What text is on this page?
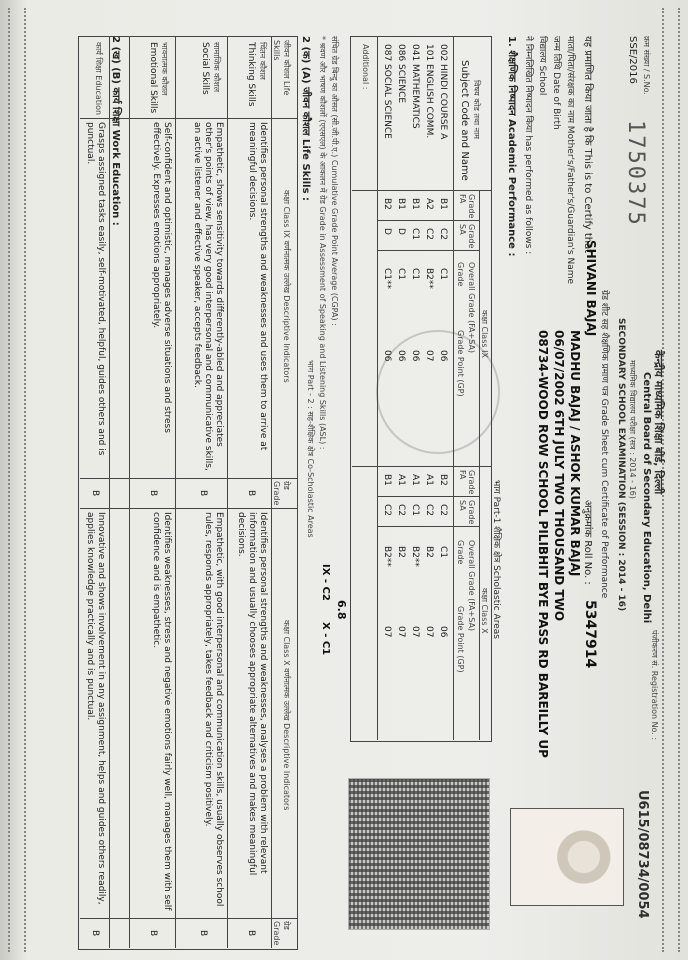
क्रम संख्या / S.No.
SSE/2016
1750375
केन्द्रीय माध्यमिक शिक्षा बोर्ड, दिल्ली
Central Board of Secondary Education, Delhi
माध्यमिक विद्यालय परीक्षा (सत्र : 2014 - 16)
SECONDARY SCHOOL EXAMINATION (SESSION : 2014 - 16)
ग्रेड शीट सह शैक्षणिक प्रमाण पत्र Grade Sheet cum Certificate of Performance
पंजीकरण सं. Registration No. :
U615/08734/0054
यह प्रमाणित किया जाता है कि This is to Certify that
SHIVANI BAJAJ
अनुक्रमांक Roll No. :
5347914
माता/पिता/संरक्षक का नाम Mother's/Father's/Guardian's Name
MADHU BAJAJ / ASHOK KUMAR BAJAJ
जन्म तिथि Date of Birth
06/07/2002 6TH JULY TWO THOUSAND TWO
विद्यालय School
08734-WOOD ROW SCHOOL PILIBHIT BYE PASS RD BAREILLY UP
ने निम्नलिखित निष्पादन किया has performed as follows :
1. शैक्षणिक निष्पादन Academic Performance :
भाग Part-1 शैक्षिक क्षेत्र Scholastic Areas
विषय कोड तथा नाम
Subject Code and Name
कक्षा Class IX
कक्षा Class X
Grade FA
Grade SA
Overall Grade (FA+SA)
Grade
Grade Point (GP)
Grade FA
Grade SA
Overall Grade (FA+SA)
Grade
Grade Point (GP)
002 HINDI COURSE A
101 ENGLISH COMM.
041 MATHEMATICS
086 SCIENCE
087 SOCIAL SCIENCE
B1
C2
C1
06
A2
C2
B2**
07
B1
C1
C1
06
B1
D
C1
06
B2
D
C1**
06
B2
C2
C1
06
A1
C2
B2
07
A1
C1
B2**
07
A1
C2
B2
07
B1
C2
B2**
07
Additional :
संचित ग्रेड बिन्दु का औसत (सी.जी.पी.ए.) Cumulative Grade Point Average (CGPA) :
6.8
* श्रवण और भाषण कौशलों (एएसएल) के आकलन में ग्रेड Grade in Assessment of Speaking and Listening Skills (ASL) :
IX - C2
X - C1
भाग Part - 2 : सह-शैक्षिक क्षेत्र Co-Scholastic Areas
2 (क) (A) जीवन कौशल Life Skills :
जीवन कौशल Life Skills
कक्षा Class IX वर्णनात्मक उल्लेख Descriptive Indicators
ग्रेड Grade
कक्षा Class X वर्णनात्मक उल्लेख Descriptive Indicators
ग्रेड Grade
चिंतन कौशल
Thinking Skills
Identifies personal strengths and weaknesses and uses them to arrive at meaningful decisions.
B
Identifies personal strengths and weaknesses, analyses a problem with relevant information and usually chooses appropriate alternatives and makes meaningful decisions.
B
सामाजिक कौशल
Social Skills
Empathetic, shows sensitivity towards differently-abled and appreciates other's points of view, has very good interpersonal and communicative skills, an active listener and effective speaker, accepts feedback.
B
Empathetic, with good interpersonal and communication skills, usually observes school rules, responds appropriately, takes feedback and criticism positively.
B
भावनात्मक कौशल
Emotional Skills
Self-confident and optimistic, manages adverse situations and stress effectively. Expresses emotions appropriately.
B
Identifies weaknesses, stress and negative emotions fairly well, manages them with self confidence and is empathetic.
B
2 (ख) (B) कार्य शिक्षा Work Education :
कार्य शिक्षा Education
Grasps assigned tasks easily, self-motivated, helpful, guides others and is punctual.
B
Innovative and shows involvement in any assignment, helps and guides others readily, applies knowledge practically and is punctual.
B
